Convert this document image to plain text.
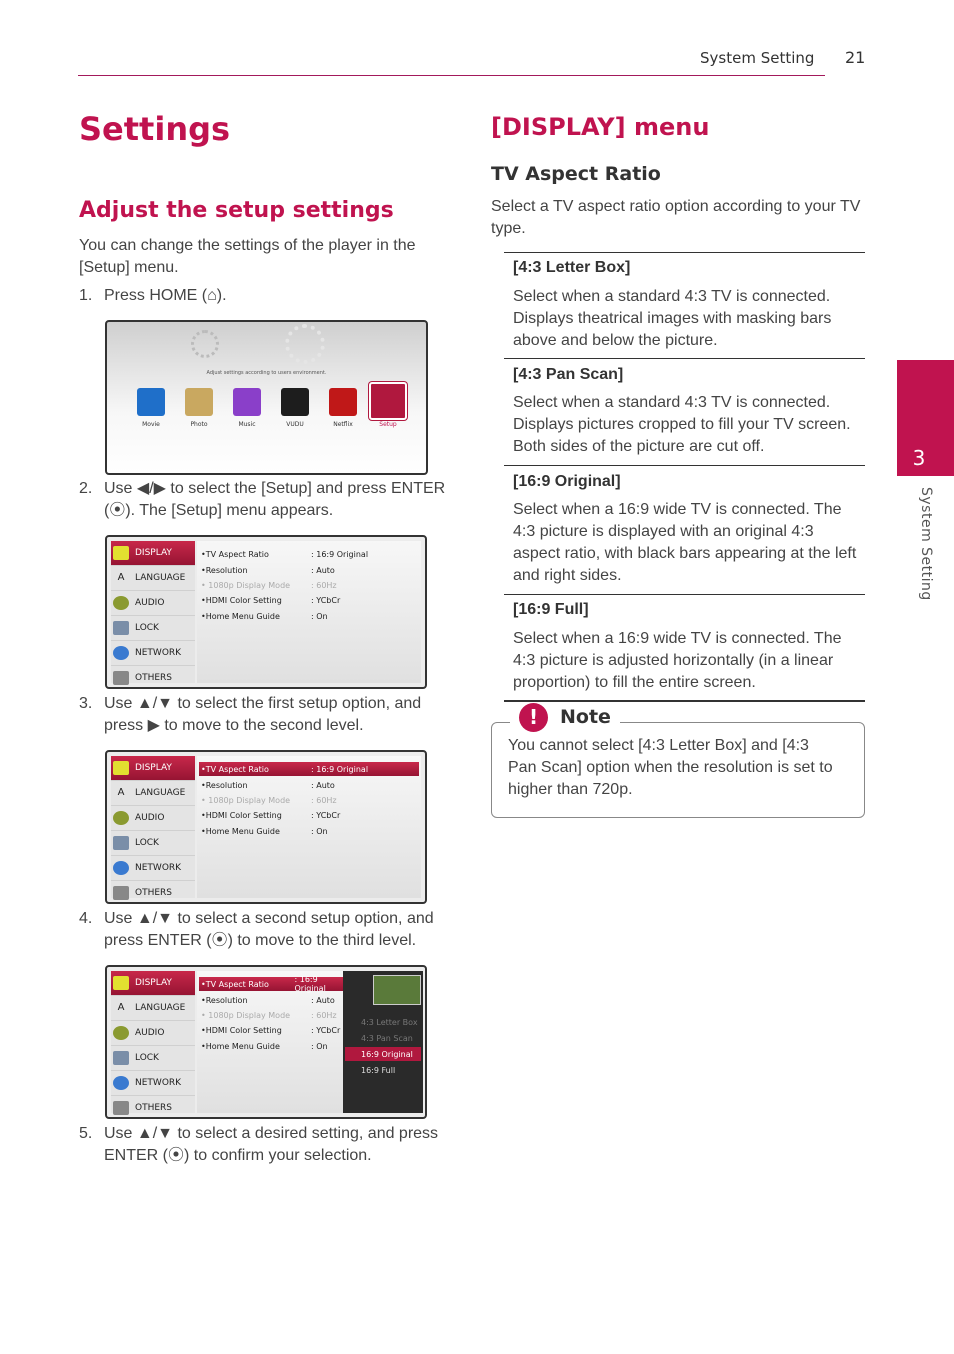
System Setting 21
3
System Setting
Settings
Adjust the setup settings
You can change the settings of the player in the [Setup] menu.
1. Press HOME (⌂).
Adjust settings according to users environment.
Movie	Photo	Music	VUDU	Netflix	Setup
2. Use ◀/▶ to select the [Setup] and press ENTER (⦿). The [Setup] menu appears.
DISPLAY
A	LANGUAGE
AUDIO
LOCK
NETWORK
OTHERS
•TV Aspect Ratio	: 16:9 Original
•Resolution	: Auto
• 1080p Display Mode	: 60Hz
•HDMI Color Setting	: YCbCr
•Home Menu Guide	: On
3. Use ▲/▼ to select the first setup option, and press ▶ to move to the second level.
DISPLAY
A	LANGUAGE
AUDIO
LOCK
NETWORK
OTHERS
•TV Aspect Ratio	: 16:9 Original
•Resolution	: Auto
• 1080p Display Mode	: 60Hz
•HDMI Color Setting	: YCbCr
•Home Menu Guide	: On
4. Use ▲/▼ to select a second setup option, and press ENTER (⦿) to move to the third level.
DISPLAY
A	LANGUAGE
AUDIO
LOCK
NETWORK
OTHERS
•TV Aspect Ratio	: 16:9 Original
•Resolution	: Auto
• 1080p Display Mode	: 60Hz
•HDMI Color Setting	: YCbCr
•Home Menu Guide	: On
4:3 Letter Box
4:3 Pan Scan
16:9 Original
16:9 Full
5. Use ▲/▼ to select a desired setting, and press ENTER (⦿) to confirm your selection.
[DISPLAY] menu
TV Aspect Ratio
Select a TV aspect ratio option according to your TV type.
[4:3 Letter Box]
Select when a standard 4:3 TV is connected. Displays theatrical images with masking bars above and below the picture.
[4:3 Pan Scan]
Select when a standard 4:3 TV is connected. Displays pictures cropped to fill your TV screen. Both sides of the picture are cut off.
[16:9 Original]
Select when a 16:9 wide TV is connected. The 4:3 picture is displayed with an original 4:3 aspect ratio, with black bars appearing at the left and right sides.
[16:9 Full]
Select when a 16:9 wide TV is connected. The 4:3 picture is adjusted horizontally (in a linear proportion) to fill the entire screen.
!	Note
You cannot select [4:3 Letter Box] and [4:3 Pan Scan] option when the resolution is set to higher than 720p.
